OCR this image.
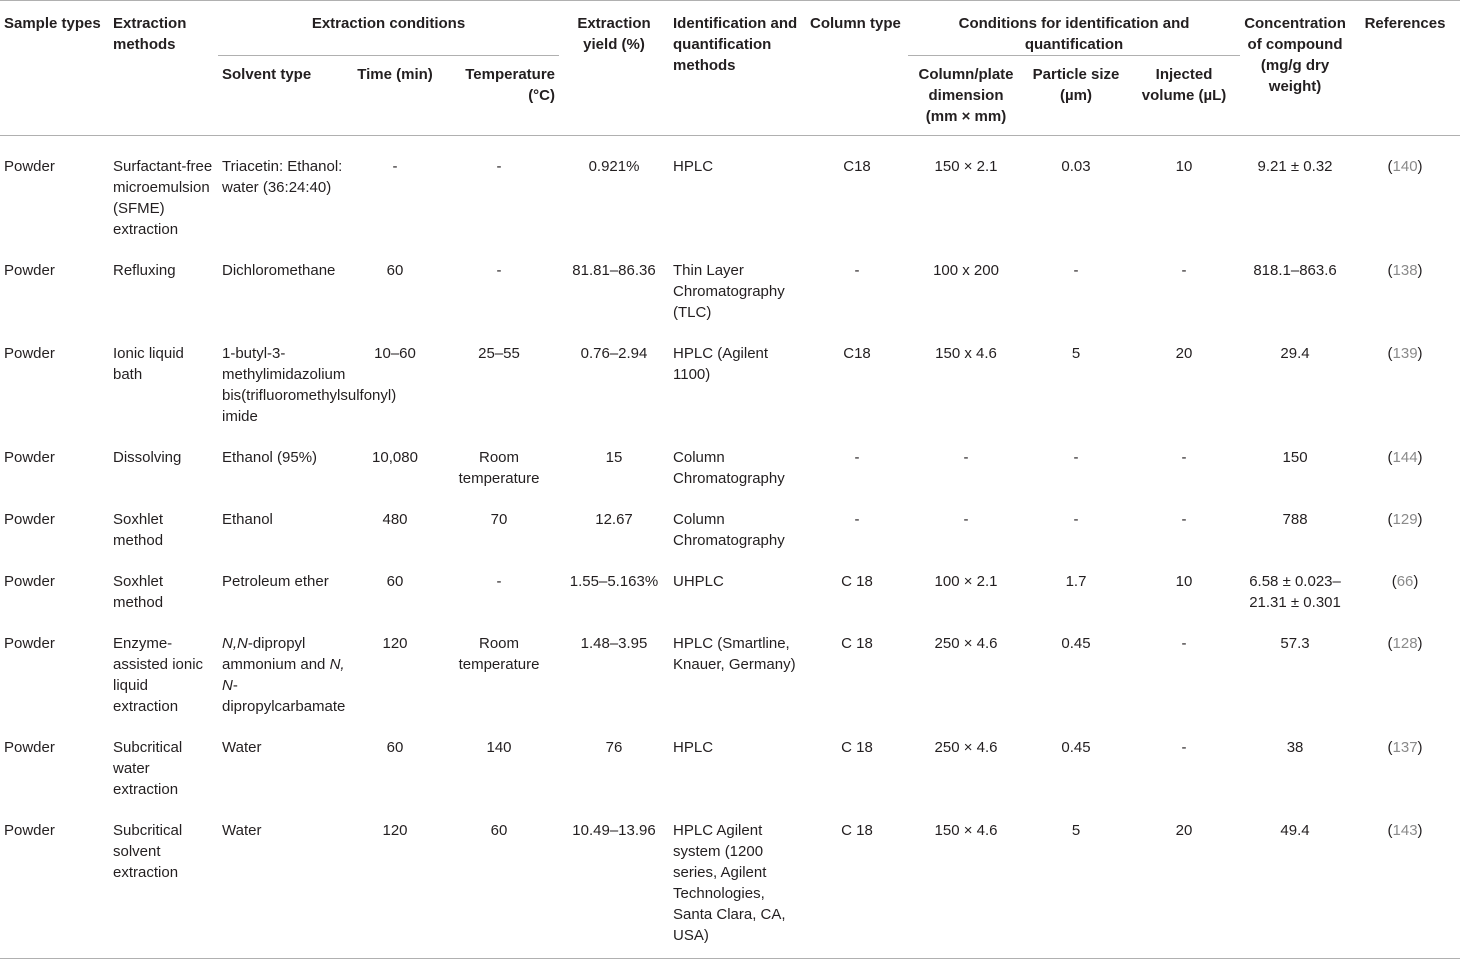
Sample types	Extraction methods	Extraction conditions			Extraction yield (%)	Identification and quantification methods	Column type	Conditions for identification and quantification			Concentration of compound (mg/g dry weight)	References
		Solvent type	Time (min)	Temperature (°C)				Column/plate dimension (mm × mm)	Particle size (µm)	Injected volume (µL)		
Powder	Surfactant-free microemulsion (SFME) extraction	Triacetin: Ethanol: water (36:24:40)	-	-	0.921%	HPLC	C18	150 × 2.1	0.03	10	9.21 ± 0.32	(140)
Powder	Refluxing	Dichloromethane	60	-	81.81–86.36	Thin Layer Chromatography (TLC)	-	100 x 200	-	-	818.1–863.6	(138)
Powder	Ionic liquid bath	1-butyl-3-methylimidazolium bis(trifluoromethylsulfonyl) imide	10–60	25–55	0.76–2.94	HPLC (Agilent 1100)	C18	150 x 4.6	5	20	29.4	(139)
Powder	Dissolving	Ethanol (95%)	10,080	Room temperature	15	Column Chromatography	-	-	-	-	150	(144)
Powder	Soxhlet method	Ethanol	480	70	12.67	Column Chromatography	-	-	-	-	788	(129)
Powder	Soxhlet method	Petroleum ether	60	-	1.55–5.163%	UHPLC	C 18	100 × 2.1	1.7	10	6.58 ± 0.023–21.31 ± 0.301	(66)
Powder	Enzyme-assisted ionic liquid extraction	N,N-dipropyl ammonium and N, N-dipropylcarbamate	120	Room temperature	1.48–3.95	HPLC (Smartline, Knauer, Germany)	C 18	250 × 4.6	0.45	-	57.3	(128)
Powder	Subcritical water extraction	Water	60	140	76	HPLC	C 18	250 × 4.6	0.45	-	38	(137)
Powder	Subcritical solvent extraction	Water	120	60	10.49–13.96	HPLC Agilent system (1200 series, Agilent Technologies, Santa Clara, CA, USA)	C 18	150 × 4.6	5	20	49.4	(143)
